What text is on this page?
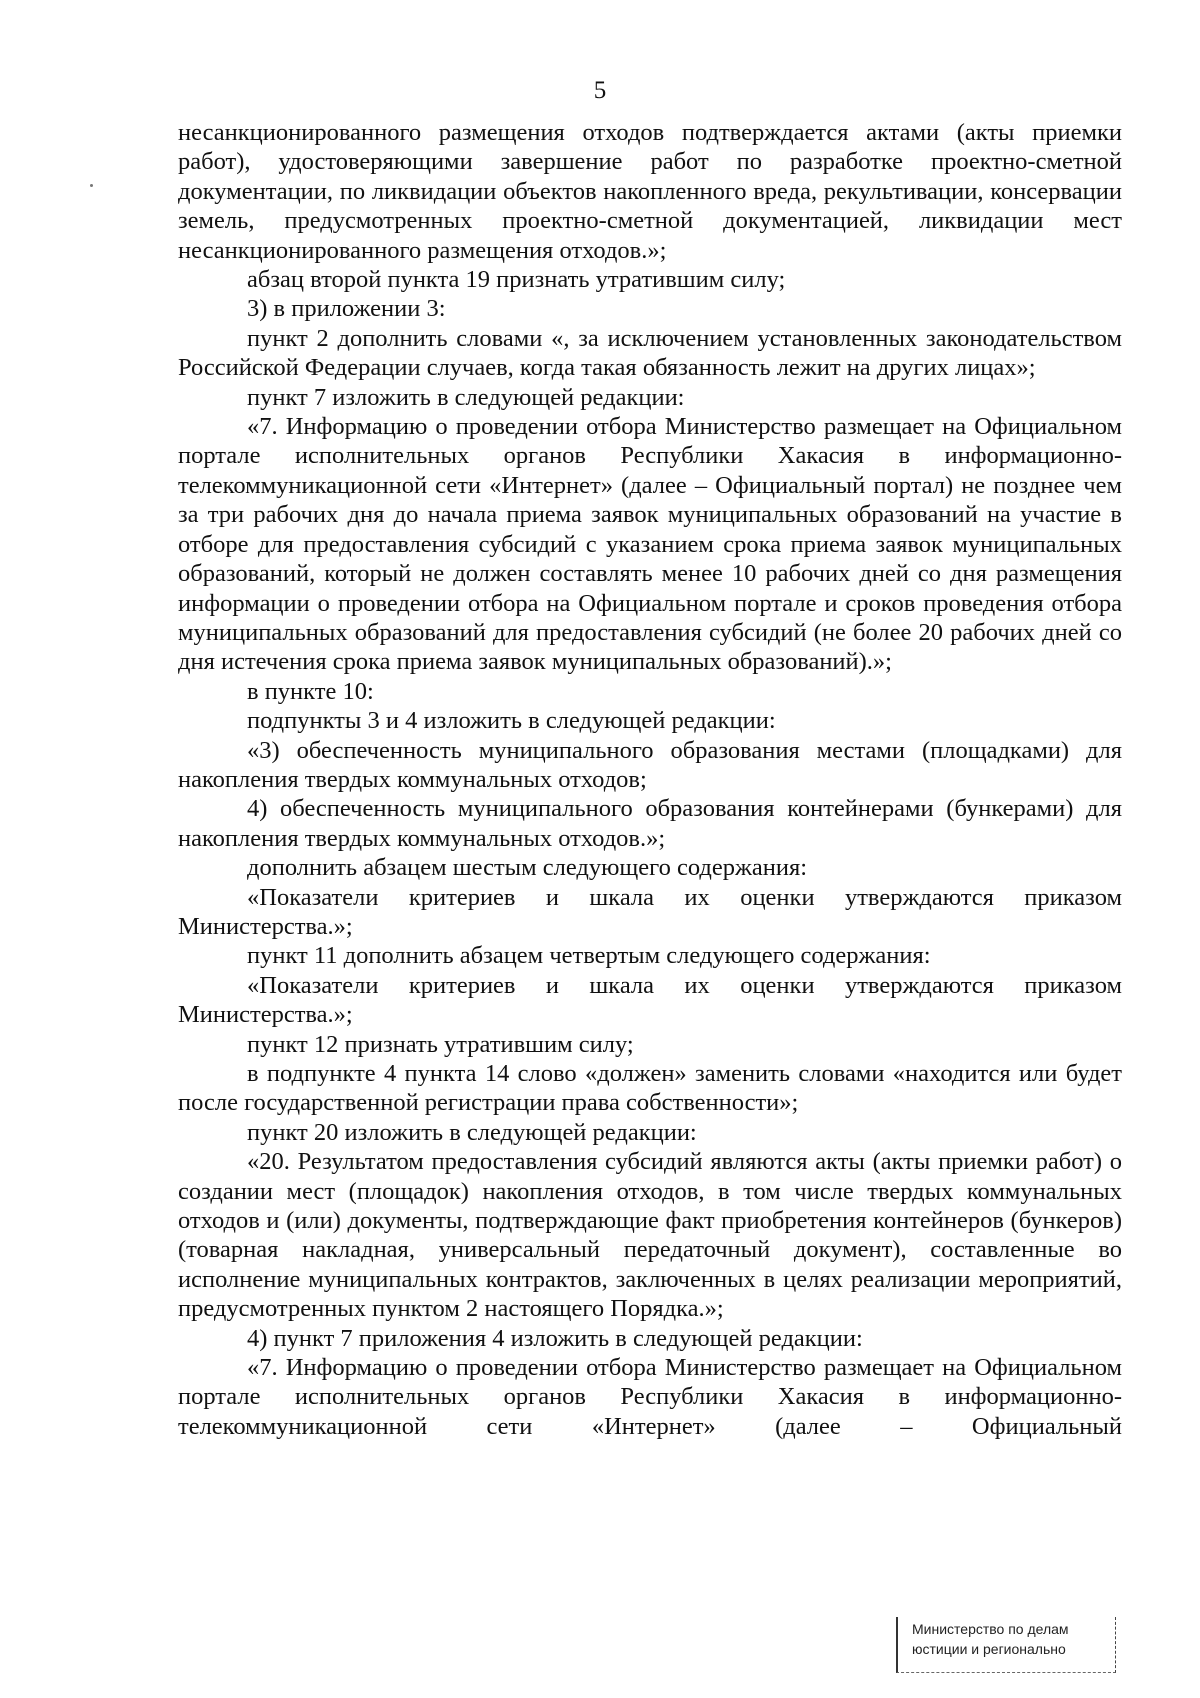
5

несанкционированного размещения отходов подтверждается актами (акты приемки работ), удостоверяющими завершение работ по разработке проектно-сметной документации, по ликвидации объектов накопленного вреда, рекультивации, консервации земель, предусмотренных проектно-сметной документацией, ликвидации мест несанкционированного размещения отходов.»;

абзац второй пункта 19 признать утратившим силу;

3) в приложении 3:

пункт 2 дополнить словами «, за исключением установленных законодательством Российской Федерации случаев, когда такая обязанность лежит на других лицах»;

пункт 7 изложить в следующей редакции:

«7. Информацию о проведении отбора Министерство размещает на Официальном портале исполнительных органов Республики Хакасия в информационно-телекоммуникационной сети «Интернет» (далее – Официальный портал) не позднее чем за три рабочих дня до начала приема заявок муниципальных образований на участие в отборе для предоставления субсидий с указанием срока приема заявок муниципальных образований, который не должен составлять менее 10 рабочих дней со дня размещения информации о проведении отбора на Официальном портале и сроков проведения отбора муниципальных образований для предоставления субсидий (не более 20 рабочих дней со дня истечения срока приема заявок муниципальных образований).»;

в пункте 10:

подпункты 3 и 4 изложить в следующей редакции:

«3) обеспеченность муниципального образования местами (площадками) для накопления твердых коммунальных отходов;

4) обеспеченность муниципального образования контейнерами (бункерами) для накопления твердых коммунальных отходов.»;

дополнить абзацем шестым следующего содержания:

«Показатели критериев и шкала их оценки утверждаются приказом Министерства.»;

пункт 11 дополнить абзацем четвертым следующего содержания:

«Показатели критериев и шкала их оценки утверждаются приказом Министерства.»;

пункт 12 признать утратившим силу;

в подпункте 4 пункта 14 слово «должен» заменить словами «находится или будет после государственной регистрации права собственности»;

пункт 20 изложить в следующей редакции:

«20. Результатом предоставления субсидий являются акты (акты приемки работ) о создании мест (площадок) накопления отходов, в том числе твердых коммунальных отходов и (или) документы, подтверждающие факт приобретения контейнеров (бункеров) (товарная накладная, универсальный передаточный документ), составленные во исполнение муниципальных контрактов, заключенных в целях реализации мероприятий, предусмотренных пунктом 2 настоящего Порядка.»;

4) пункт 7 приложения 4 изложить в следующей редакции:

«7. Информацию о проведении отбора Министерство размещает на Официальном портале исполнительных органов Республики Хакасия в информационно-телекоммуникационной сети «Интернет» (далее – Официальный

Министерство по делам
юстиции и регионально
